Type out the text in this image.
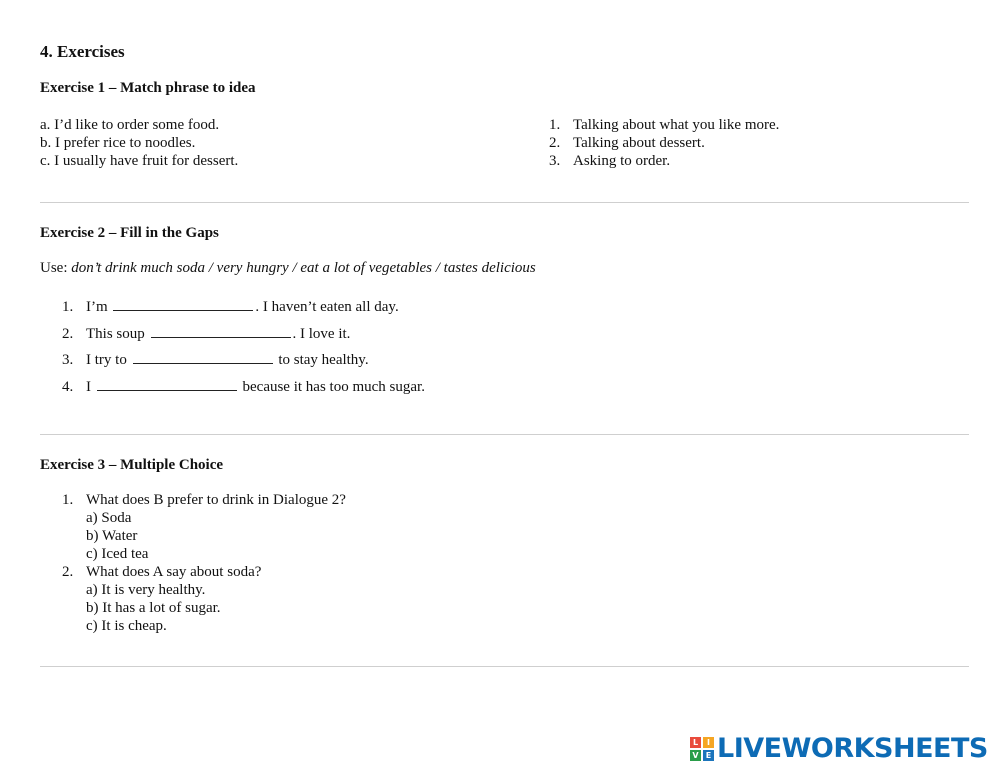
4. Exercises
Exercise 1 – Match phrase to idea
a. I’d like to order some food.
b. I prefer rice to noodles.
c. I usually have fruit for dessert.
1. Talking about what you like more.
2. Talking about dessert.
3. Asking to order.
Exercise 2 – Fill in the Gaps
Use: don’t drink much soda / very hungry / eat a lot of vegetables / tastes delicious
1. I’m	. I haven’t eaten all day.
2. This soup	. I love it.
3. I try to	to stay healthy.
4. I	because it has too much sugar.
Exercise 3 – Multiple Choice
1. What does B prefer to drink in Dialogue 2?
a) Soda
b) Water
c) Iced tea
2. What does A say about soda?
a) It is very healthy.
b) It has a lot of sugar.
c) It is cheap.
L	I
V E LIVEWORKSHEETS
